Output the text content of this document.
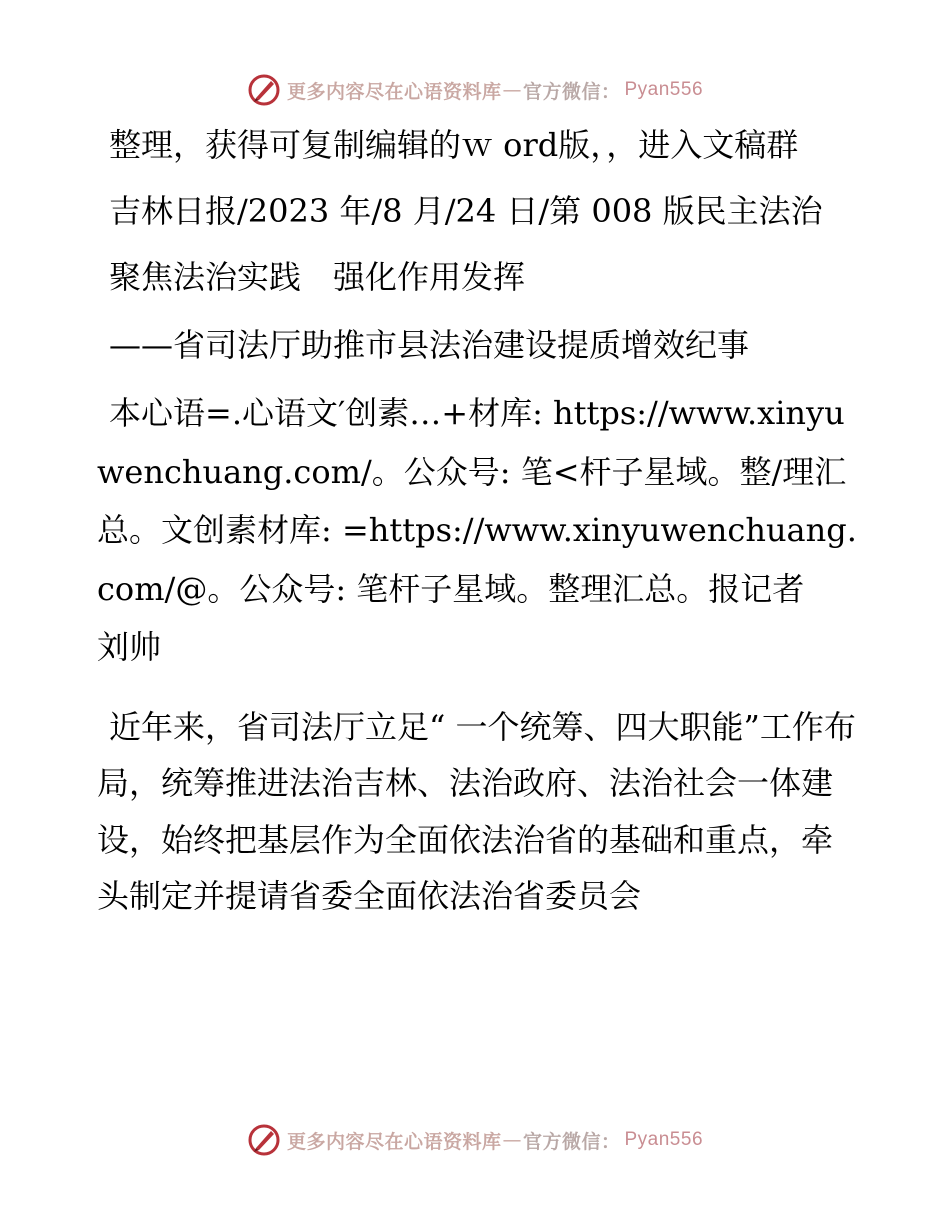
更多内容尽在心语资料库 — 官方微信： Pyan556

整理，获得可复制编辑的ｗ ord版，，进入文稿群

吉林日报/2023 年/8 月/24 日/第 008 版民主法治

聚焦法治实践　强化作用发挥

——省司法厅助推市县法治建设提质增效纪事

本心语=.心语文′创素…+材库: https://www.xinyuwenchuang.com/。公众号: 笔<杆子星域。整/理汇总。文创素材库: =https://www.xinyuwenchuang.com/@。公众号: 笔杆子星域。整理汇总。报记者　刘帅

近年来，省司法厅立足“ 一个统筹、四大职能”工作布局，统筹推进法治吉林、法治政府、法治社会一体建设，始终把基层作为全面依法治省的基础和重点，牵头制定并提请省委全面依法治省委员会

更多内容尽在心语资料库 — 官方微信： Pyan556
